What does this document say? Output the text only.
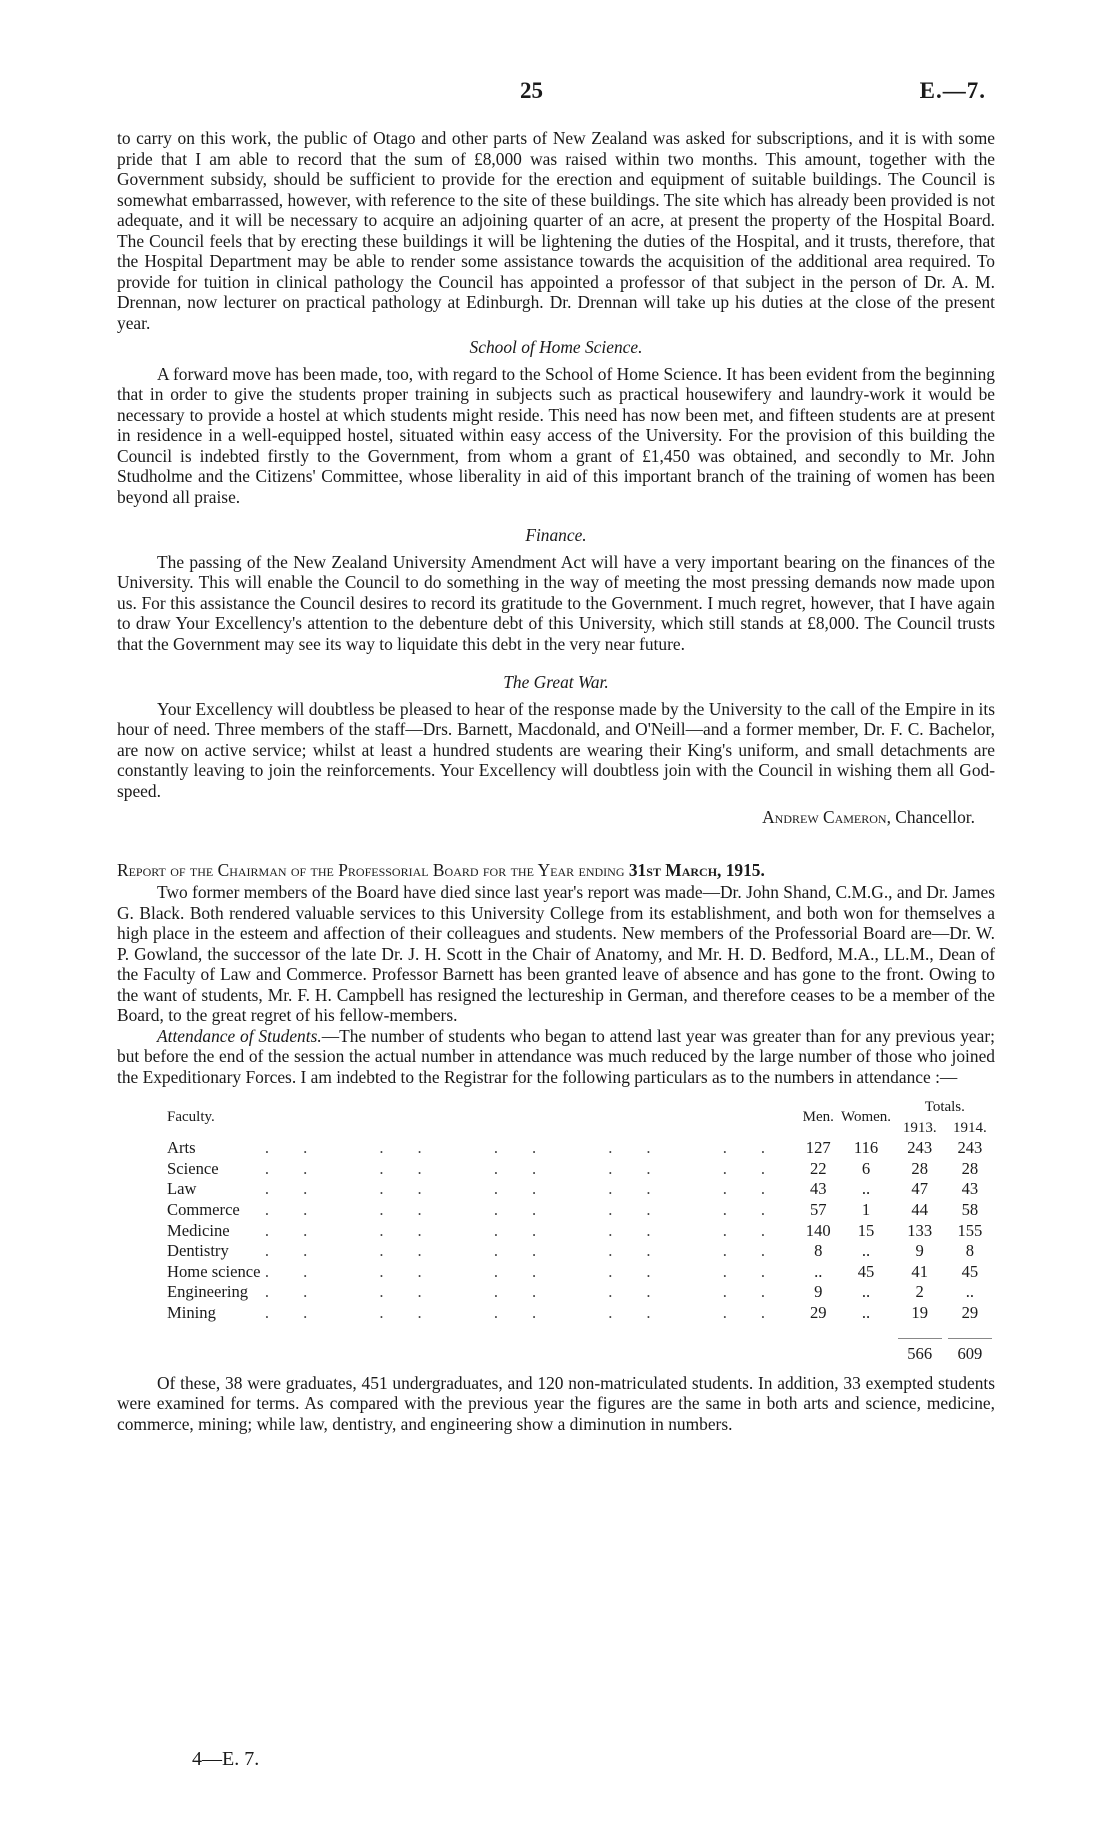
25	E.—7.

to carry on this work, the public of Otago and other parts of New Zealand was asked for subscriptions, and it is with some pride that I am able to record that the sum of £8,000 was raised within two months. This amount, together with the Government subsidy, should be sufficient to provide for the erection and equipment of suitable buildings. The Council is somewhat embarrassed, however, with reference to the site of these buildings. The site which has already been provided is not adequate, and it will be necessary to acquire an adjoining quarter of an acre, at present the property of the Hospital Board. The Council feels that by erecting these buildings it will be lightening the duties of the Hospital, and it trusts, therefore, that the Hospital Department may be able to render some assistance towards the acquisition of the additional area required. To provide for tuition in clinical pathology the Council has appointed a professor of that subject in the person of Dr. A. M. Drennan, now lecturer on practical pathology at Edinburgh. Dr. Drennan will take up his duties at the close of the present year.

School of Home Science.

A forward move has been made, too, with regard to the School of Home Science. It has been evident from the beginning that in order to give the students proper training in subjects such as practical housewifery and laundry-work it would be necessary to provide a hostel at which students might reside. This need has now been met, and fifteen students are at present in residence in a well-equipped hostel, situated within easy access of the University. For the provision of this building the Council is indebted firstly to the Government, from whom a grant of £1,450 was obtained, and secondly to Mr. John Studholme and the Citizens' Committee, whose liberality in aid of this important branch of the training of women has been beyond all praise.

Finance.

The passing of the New Zealand University Amendment Act will have a very important bearing on the finances of the University. This will enable the Council to do something in the way of meeting the most pressing demands now made upon us. For this assistance the Council desires to record its gratitude to the Government. I much regret, however, that I have again to draw Your Excellency's attention to the debenture debt of this University, which still stands at £8,000. The Council trusts that the Government may see its way to liquidate this debt in the very near future.

The Great War.

Your Excellency will doubtless be pleased to hear of the response made by the University to the call of the Empire in its hour of need. Three members of the staff—Drs. Barnett, Macdonald, and O'Neill—and a former member, Dr. F. C. Bachelor, are now on active service; whilst at least a hundred students are wearing their King's uniform, and small detachments are constantly leaving to join the reinforcements. Your Excellency will doubtless join with the Council in wishing them all God-speed.

Andrew Cameron, Chancellor.

Report of the Chairman of the Professorial Board for the Year ending 31st March, 1915.

Two former members of the Board have died since last year's report was made—Dr. John Shand, C.M.G., and Dr. James G. Black. Both rendered valuable services to this University College from its establishment, and both won for themselves a high place in the esteem and affection of their colleagues and students. New members of the Professorial Board are—Dr. W. P. Gowland, the successor of the late Dr. J. H. Scott in the Chair of Anatomy, and Mr. H. D. Bedford, M.A., LL.M., Dean of the Faculty of Law and Commerce. Professor Barnett has been granted leave of absence and has gone to the front. Owing to the want of students, Mr. F. H. Campbell has resigned the lectureship in German, and therefore ceases to be a member of the Board, to the great regret of his fellow-members.

Attendance of Students.—The number of students who began to attend last year was greater than for any previous year; but before the end of the session the actual number in attendance was much reduced by the large number of those who joined the Expeditionary Forces. I am indebted to the Registrar for the following particulars as to the numbers in attendance :—

Faculty.		Men.	Women.	Totals.	
				1913.	1914.
Arts	.. .. .. .. ..	127	116	243	243
Science	.. .. .. .. ..	22	6	28	28
Law	.. .. .. .. ..	43	..	47	43
Commerce	.. .. .. .. ..	57	1	44	58
Medicine	.. .. .. .. ..	140	15	133	155
Dentistry	.. .. .. .. ..	8	..	9	8
Home science	.. .. .. .. ..	..	45	41	45
Engineering	.. .. .. .. ..	9	..	2	..
Mining	.. .. .. .. ..	29	..	19	29

				566	609

Of these, 38 were graduates, 451 undergraduates, and 120 non-matriculated students. In addition, 33 exempted students were examined for terms. As compared with the previous year the figures are the same in both arts and science, medicine, commerce, mining; while law, dentistry, and engineering show a diminution in numbers.

4—E. 7.
